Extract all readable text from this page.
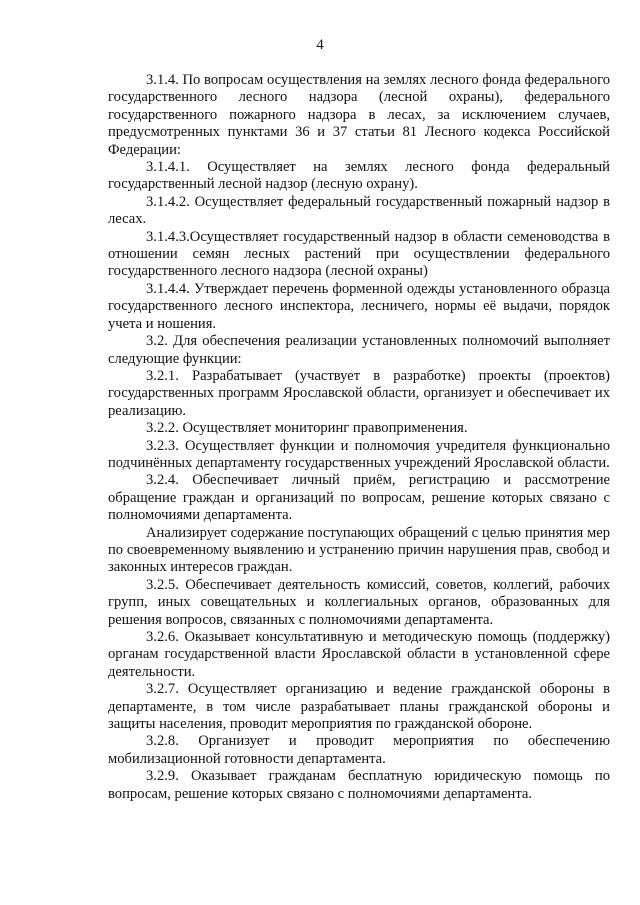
4

3.1.4. По вопросам осуществления на землях лесного фонда федерального государственного лесного надзора (лесной охраны), федерального государственного пожарного надзора в лесах, за исключением случаев, предусмотренных пунктами 36 и 37 статьи 81 Лесного кодекса Российской Федерации:

3.1.4.1. Осуществляет на землях лесного фонда федеральный государственный лесной надзор (лесную охрану).

3.1.4.2. Осуществляет федеральный государственный пожарный надзор в лесах.

3.1.4.3.Осуществляет государственный надзор в области семеноводства в отношении семян лесных растений при осуществлении федерального государственного лесного надзора (лесной охраны)

3.1.4.4. Утверждает перечень форменной одежды установленного образца государственного лесного инспектора, лесничего, нормы её выдачи, порядок учета и ношения.

3.2. Для обеспечения реализации установленных полномочий выполняет следующие функции:

3.2.1. Разрабатывает (участвует в разработке) проекты (проектов) государственных программ Ярославской области, организует и обеспечивает их реализацию.

3.2.2. Осуществляет мониторинг правоприменения.

3.2.3. Осуществляет функции и полномочия учредителя функционально подчинённых департаменту государственных учреждений Ярославской области.

3.2.4. Обеспечивает личный приём, регистрацию и рассмотрение обращение граждан и организаций по вопросам, решение которых связано с полномочиями департамента.

Анализирует содержание поступающих обращений с целью принятия мер по своевременному выявлению и устранению причин нарушения прав, свобод и законных интересов граждан.

3.2.5. Обеспечивает деятельность комиссий, советов, коллегий, рабочих групп, иных совещательных и коллегиальных органов, образованных для решения вопросов, связанных с полномочиями департамента.

3.2.6. Оказывает консультативную и методическую помощь (поддержку) органам государственной власти Ярославской области в установленной сфере деятельности.

3.2.7. Осуществляет организацию и ведение гражданской обороны в департаменте, в том числе разрабатывает планы гражданской обороны и защиты населения, проводит мероприятия по гражданской обороне.

3.2.8. Организует и проводит мероприятия по обеспечению мобилизационной готовности департамента.

3.2.9. Оказывает гражданам бесплатную юридическую помощь по вопросам, решение которых связано с полномочиями департамента.
